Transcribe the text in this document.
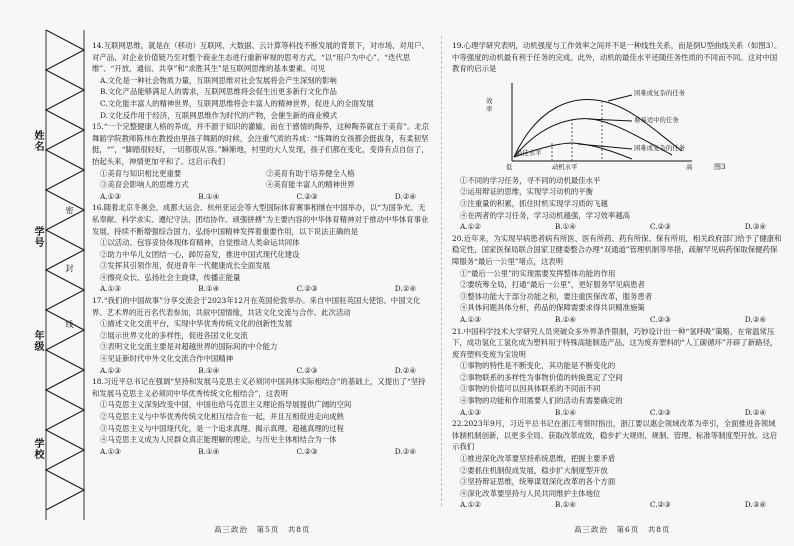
姓名
学号
年级
学校
密
封
线

14.互联网思维，就是在（移动）互联网、大数据、云计算等科技不断发展的背景下，对市场、对用户、对产品、对企业价值链乃至对整个商业生态进行重新审视的思考方式。“以“用户为中心”、“迭代思维”、“开放、通信、共享”和“求胜其生”是互联网思维的基本要素。可见

A.文化是一种社会物质力量，互联网思维对社会发展将会产生深刻的影响

B.文化产品能够满足人的需求，互联网思维将会促生出更多新行文化作品

C.文化能丰富人的精神世界，互联网思维将会丰富人的精神世界，促进人的全面发展

D.文化反作用于经济，互联网思维作为时代的产物，会催生新的商业模式

15.“一个完整健康人格的养成，并不源于知识的灌输，而在于感情的陶养，这种陶养就在于美育”。北京舞蹈学院教师陈伟在教授由里孩子舞蹈的时候，会注重气质的养成：“练舞的女孩都会挺拔身，有柔韧坚挺，“”，“脚踏很轻好，一切都很从容。”瞬渐地，村里的大人发现，孩子们都在变化，变得有点自信了，抬起头来，神情更加平和了。这启示我们

①美育与知识相比更重要	②美育有助于培养健全人格
③美育会影响人的思维方式	④美育能丰富人的精神世界
A.①③	B.①④	C.②③	D.②④

16.随着北京冬奥会、成都大运会、杭州亚运会等大型国际体育赛事相继在中国举办，以“为国争光、无私奉献、科学求实、遵纪守法、团结协作、顽强拼搏”为主要内容的中华体育精神对于推动中华体育事业发展、持续不断增强综合国力、弘扬中国精神发挥着重要作用，以下说法正确的是

①以活动、包容妥协体现体育精神，自觉推动人类命运共同体

②助力中华儿女团结一心，踔厉奋发，推进中国式现代化建设

③发挥其引领作用，促进青年一代健康成长全面发展

④擦亮众长、弘扬社会主旋律，传播正能量

A.①③	B.①④	C.②③	D.②④

17.“我们的中国故事”分享交流会于2023年12月在英国伦敦举办。来自中国驻英国大使馆、中国文化界、艺术界的近百名代表参加，共叙中国情缘，共话文化交流与合作。此次活动

①描述文化交流平台，实现中华优秀传统文化的创新性发展

②展示世界文化的多样性，促进各国文化交流

③表明文化交流主要是对超越世界的国际间的中介能力

④见证新时代中外文化交流合作中国精神

A.①③	B.①④	C.②③	D.②④

18.习近平总书记在强调“坚持和发展马克思主义必须同中国具体实际相结合”的基础上，又提出了“坚持和发展马克思主义必须同中华优秀传统文化相结合”，这表明

①马克思主义深刻改变中国，中国也给马克思主义理论指导展提供广阔的空间

②马克思主义与中华优秀传统文化相互结合在一起，并且互相促进走向成熟

③马克思主义与中国现代化，是一个追求真理、揭示真理、超越真理的过程

④马克思主义成为人民群众真正能理解的理论，与历史主体相结合为一体

A.①③	B.①④	C.②③	D.②④

19.心理学研究表明，动机强度与工作效率之间并不是一种线性关系，而是倒U型曲线关系（如图3）。中等强度的动机最有利于任务的完成。此外，动机的最佳水平还随任务性质的不同而不同。这对中国教育的启示是

效率
动机水平
低	高
困难或复杂的任务
难易适中的任务
困难或复杂的任务
最佳水平
图3

①不同的学习任务，寻不同的动机最佳水平

②运用辩证的思维，实现学习动机的平衡

③注重量的积累，抓住时机实现学习质的飞越

④在两者的学习任务，学习动机越强，学习效率越高

A.①②	B.①④	C.②③	D.③④

20.近年来，为实现早病患者病有所医、医有所药、药有所保、保有所用，相关政府部门给予了健康和稳定性，国家医保局联合国家卫健委整合办理“双通道”管理机制等举措，疏解罕见病药保取保健药保障服务“最后一公里”堵点，这表明

①“最后一公里”的实现需要发挥整体功能的作用

②要统筹全局，打通“最后一公里”，更好服务罕见病患者

③整体功能大于部分功能之和，要注重医保改革，服务患者

④具体问题具体分析，药品的保障需要求得共识精准施策

A.①③	B.①④	C.②③	D.②④

21.中国科学技术大学研究人员突破众多外界条件限制，巧妙设计出一种“氢呼吸”策略，在常温常压下，成功氢化工氢化成为塑料用于特殊高能制造产品，这为废弃塑料的“人工碳循环”开辟了新路径，废弃塑料变废为宝说明

①事物的特性是不断变化，其功能是不断变化的

②事物联系的多样性为事物价值的转换奠定了空间

③事物的价值可以因具体联系的不同而不同

④事物的功能和作用需要人们的活动有需要确定的

A.①③	B.①④	C.②③	D.②④

22.2023年9月，习近平总书记在浙江考察时指出，浙江要以惠企领域改革为牵引，全面推进各领域体制机制创新，以更多全局、获取改革成效，稳步扩大规则、规制、管理、标准等制度型开放。这启示我们

①推进深化改革要坚持系统思维，把握主要矛盾

②要抓住机制促成发展，稳步扩大制度型开放

③坚持辩证思维，统筹谋划深化改革的各个方面

④深化改革要坚持与人民共同维护主体地位

A.①②	B.①④	C.②③	D.③④
高三政治　第5页　共8页	高三政治　第6页　共8页
